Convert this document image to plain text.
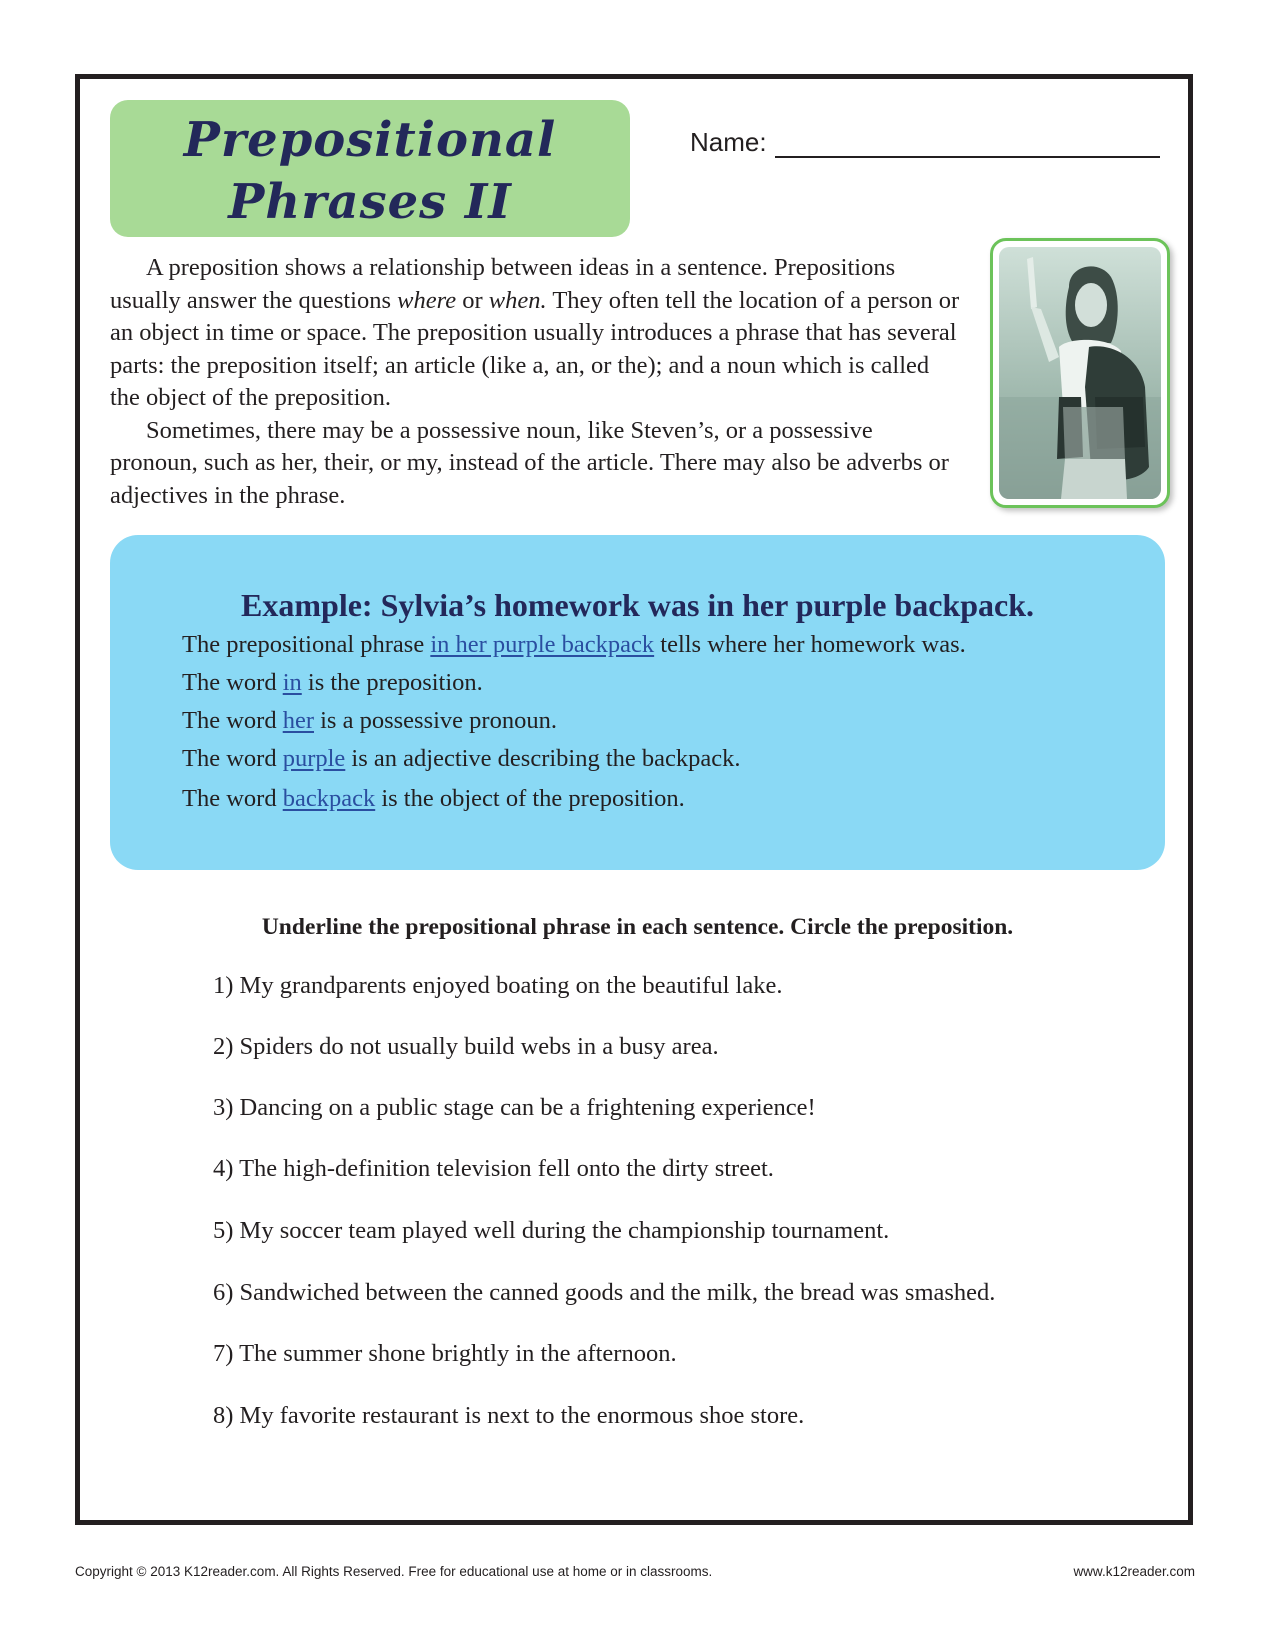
Prepositional
Phrases II
Name:

A preposition shows a relationship between ideas in a sentence. Prepositions usually answer the questions where or when. They often tell the location of a person or an object in time or space. The preposition usually introduces a phrase that has several parts: the preposition itself; an article (like a, an, or the); and a noun which is called the object of the preposition.

Sometimes, there may be a possessive noun, like Steven’s, or a possessive pronoun, such as her, their, or my, instead of the article. There may also be adverbs or adjectives in the phrase.

Example: Sylvia’s homework was in her purple backpack.
The prepositional phrase in her purple backpack tells where her homework was.
The word in is the preposition.
The word her is a possessive pronoun.
The word purple is an adjective describing the backpack.
The word backpack is the object of the preposition.
Underline the prepositional phrase in each sentence. Circle the preposition.
1) My grandparents enjoyed boating on the beautiful lake.
2) Spiders do not usually build webs in a busy area.
3) Dancing on a public stage can be a frightening experience!
4) The high-definition television fell onto the dirty street.
5) My soccer team played well during the championship tournament.
6) Sandwiched between the canned goods and the milk, the bread was smashed.
7) The summer shone brightly in the afternoon.
8) My favorite restaurant is next to the enormous shoe store.
Copyright © 2013 K12reader.com. All Rights Reserved. Free for educational use at home or in classrooms.	www.k12reader.com
